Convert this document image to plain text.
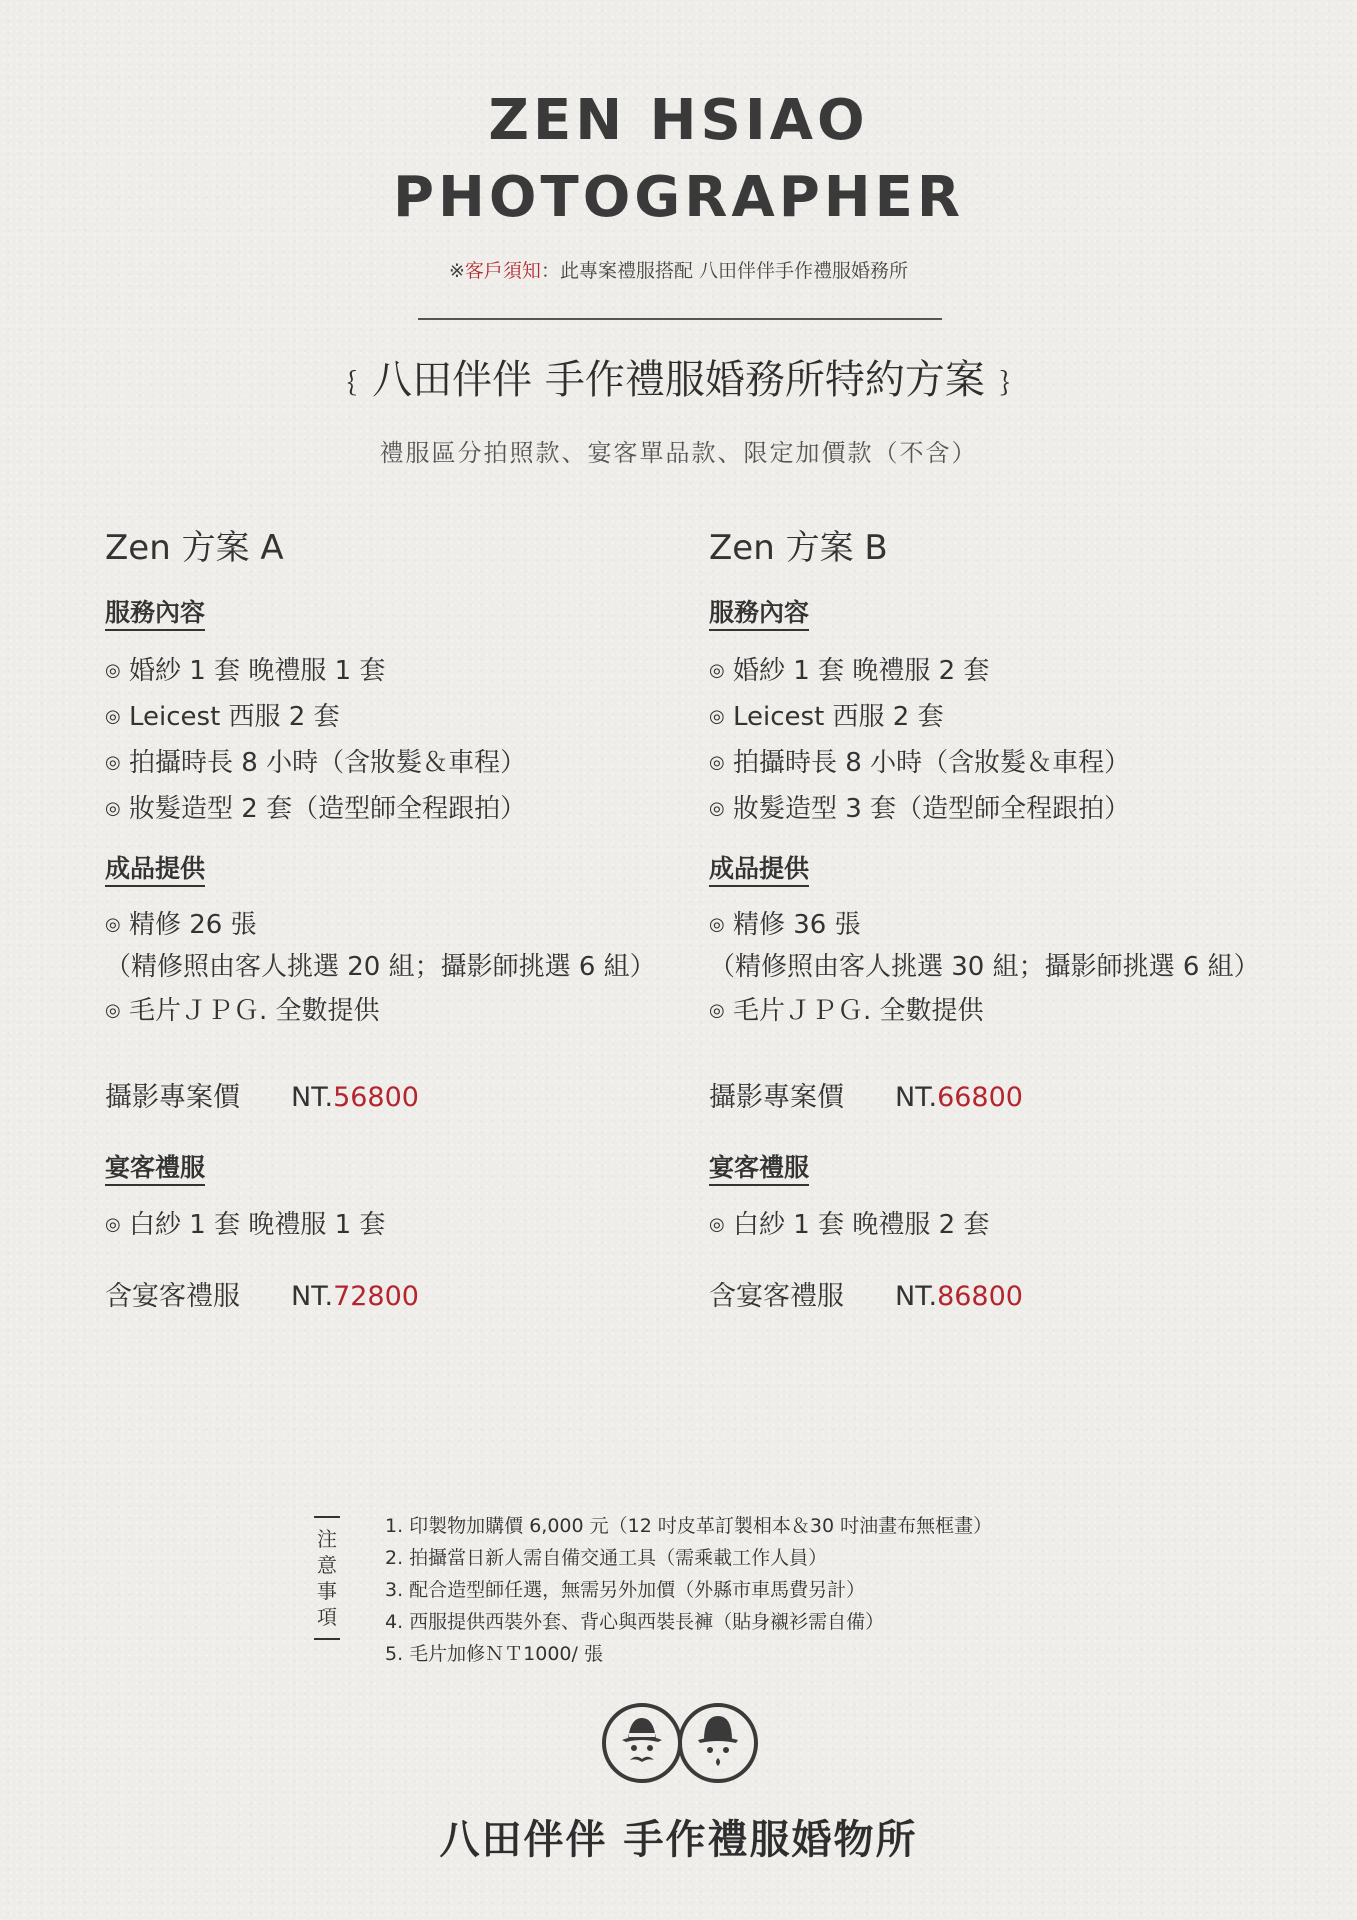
ZEN HSIAO
PHOTOGRAPHER
※客戶須知：此專案禮服搭配 八田伴伴手作禮服婚務所
﹛八田伴伴 手作禮服婚務所特約方案﹜
禮服區分拍照款、宴客單品款、限定加價款（不含）
Zen 方案 A
服務內容
◎ 婚紗 1 套 晚禮服 1 套
◎ Leicest 西服 2 套
◎ 拍攝時長 8 小時（含妝髮＆車程）
◎ 妝髮造型 2 套（造型師全程跟拍）
成品提供
◎ 精修 26 張
（精修照由客人挑選 20 組；攝影師挑選 6 組）
◎ 毛片ＪＰＧ. 全數提供
攝影專案價 NT.56800
宴客禮服
◎ 白紗 1 套 晚禮服 1 套
含宴客禮服 NT.72800
Zen 方案 B
服務內容
◎ 婚紗 1 套 晚禮服 2 套
◎ Leicest 西服 2 套
◎ 拍攝時長 8 小時（含妝髮＆車程）
◎ 妝髮造型 3 套（造型師全程跟拍）
成品提供
◎ 精修 36 張
（精修照由客人挑選 30 組；攝影師挑選 6 組）
◎ 毛片ＪＰＧ. 全數提供
攝影專案價 NT.66800
宴客禮服
◎ 白紗 1 套 晚禮服 2 套
含宴客禮服 NT.86800
注
意
事
項
1. 印製物加購價 6,000 元（12 吋皮革訂製相本＆30 吋油畫布無框畫）
2. 拍攝當日新人需自備交通工具（需乘載工作人員）
3. 配合造型師任選，無需另外加價（外縣市車馬費另計）
4. 西服提供西裝外套、背心與西裝長褲（貼身襯衫需自備）
5. 毛片加修ＮＴ1000/ 張
八田伴伴 手作禮服婚物所
